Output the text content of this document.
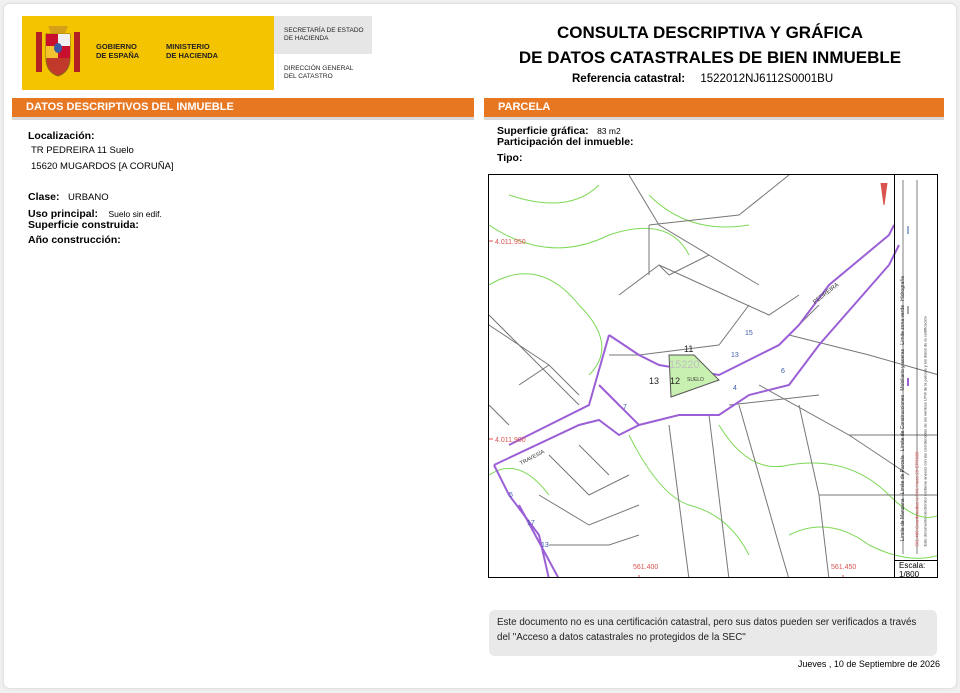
GOBIERNO
DE ESPAÑA
MINISTERIO
DE HACIENDA
SECRETARÍA DE ESTADO
DE HACIENDA
DIRECCIÓN GENERAL
DEL CATASTRO
CONSULTA DESCRIPTIVA Y GRÁFICA
DE DATOS CATASTRALES DE BIEN INMUEBLE
Referencia catastral: 1522012NJ6112S0001BU
DATOS DESCRIPTIVOS DEL INMUEBLE	PARCELA
Localización:
TR PEDREIRA 11 Suelo
15620 MUGARDOS [A CORUÑA]
Clase: URBANO
Uso principal: Suelo sin edif.
Superficie construida:
Año construcción:
Superficie gráfica: 83 m2
Participación del inmueble:
Tipo:
15
13
6
7
4
5
17
13
4.011.950
4.011.900
561.400	561.450
PEDREIRA
TRAVESÍA
15220
11
12
13	SUELO
Límite de Manzana   Límite de Parcela   Límite de Construcciones   Mobiliario y aceras   Límite zona verde   Hidrografía
561.400 Coordenadas U.T.M. Huso 29 ETRS89 Este documento electrónico contiene anexos con las coordenadas de los vértices UTM de la parcela y los datos de la certificación
Escala:
1/800
Este documento no es una certificación catastral, pero sus datos pueden ser verificados a través del "Acceso a datos catastrales no protegidos de la SEC"
Jueves , 10 de Septiembre de 2026
